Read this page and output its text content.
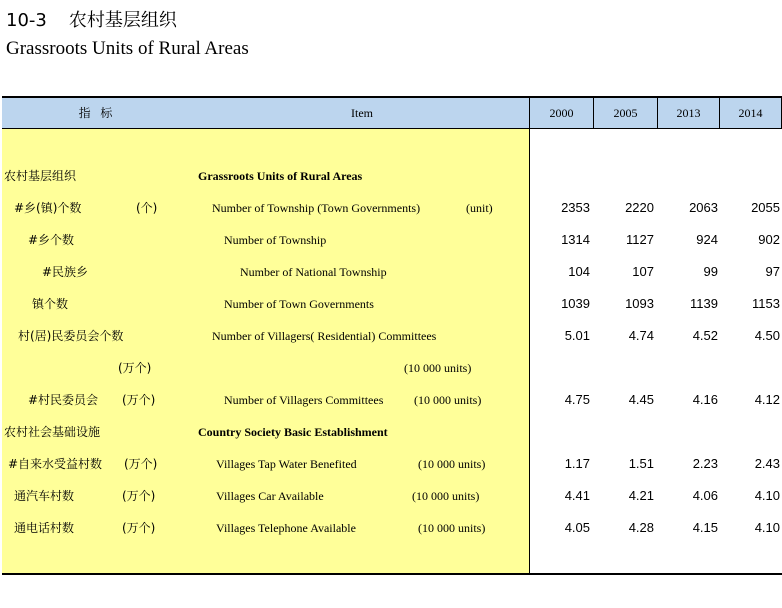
10-3 农村基层组织
Grassroots Units of Rural Areas
指 标	Item	2000	2005	2013	2014
农村基层组织	Grassroots Units of Rural Areas
#乡(镇)个数	(个)	Number of Township (Town Governments)	(unit)	2353	2220	2063	2055
#乡个数	Number of Township	1314	1127	924	902
#民族乡	Number of National Township	104	107	99	97
镇个数	Number of Town Governments	1039	1093	1139	1153
村(居)民委员会个数	Number of Villagers( Residential) Committees	5.01	4.74	4.52	4.50
(万个)	(10 000 units)
#村民委员会 (万个)	Number of Villagers Committees	(10 000 units)	4.75	4.45	4.16	4.12
农村社会基础设施	Country Society Basic Establishment
#自来水受益村数 (万个)	Villages Tap Water Benefited	(10 000 units)	1.17	1.51	2.23	2.43
通汽车村数	(万个)	Villages Car Available	(10 000 units)	4.41	4.21	4.06	4.10
通电话村数	(万个)	Villages Telephone Available	(10 000 units)	4.05	4.28	4.15	4.10
